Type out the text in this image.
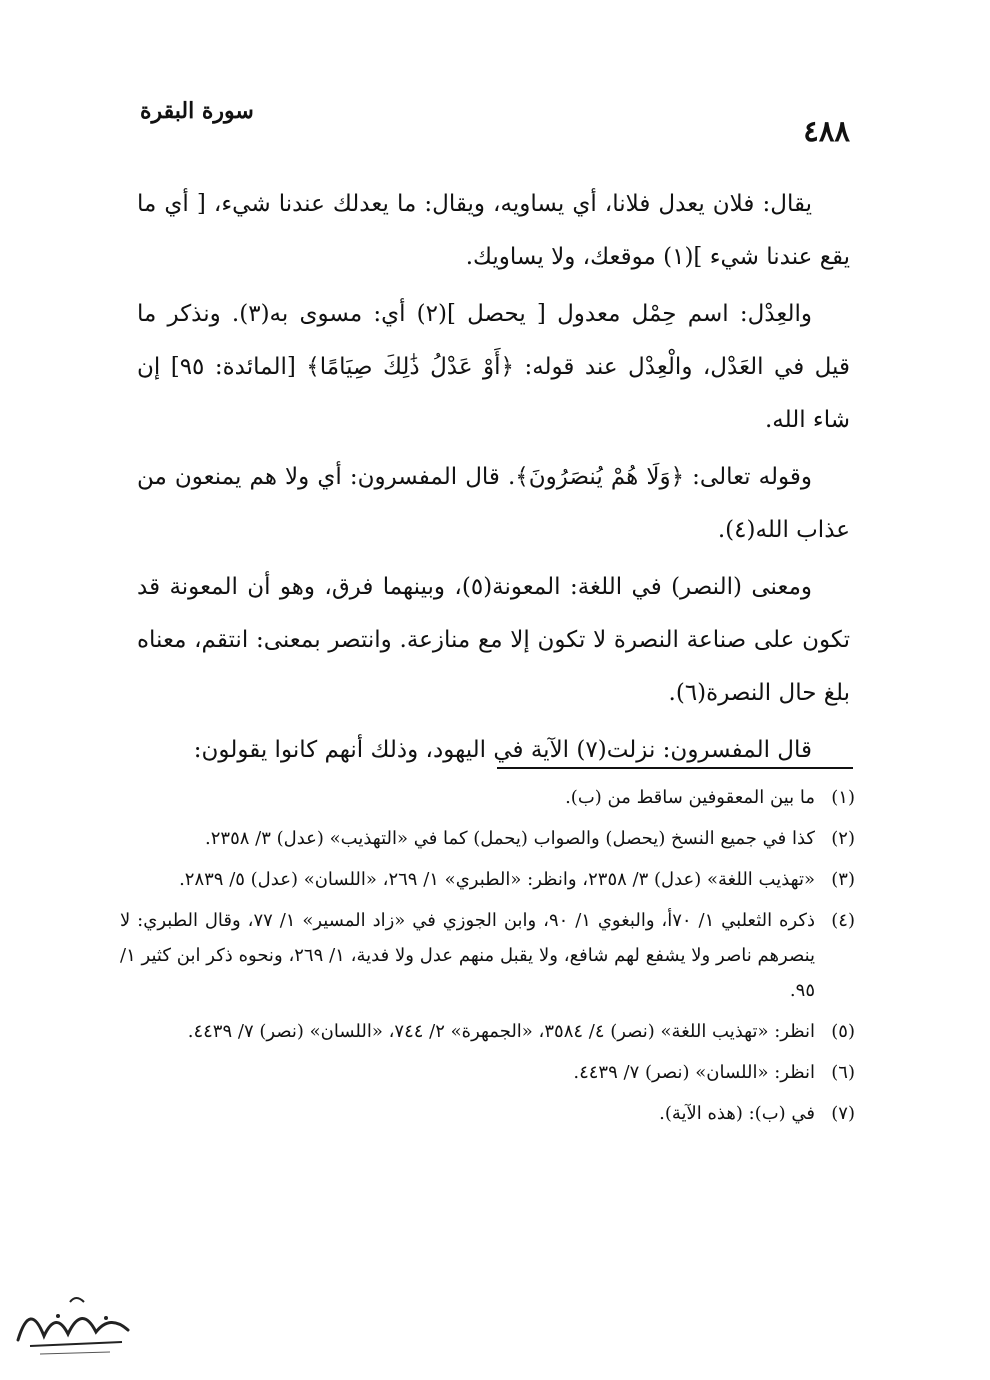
٤٨٨
سورة البقرة

يقال: فلان يعدل فلانا، أي يساويه، ويقال: ما يعدلك عندنا شيء، [ أي ما يقع عندنا شيء ](١) موقعك، ولا يساويك.

والعِدْل: اسم حِمْل معدول [ يحصل ](٢) أي: مسوى به(٣). ونذكر ما قيل في العَدْل، والْعِدْل عند قوله: ﴿أَوْ عَدْلُ ذَٰلِكَ صِيَامًا﴾ [المائدة: ٩٥] إن شاء الله.

وقوله تعالى: ﴿وَلَا هُمْ يُنصَرُونَ﴾. قال المفسرون: أي ولا هم يمنعون من عذاب الله(٤).

ومعنى (النصر) في اللغة: المعونة(٥)، وبينهما فرق، وهو أن المعونة قد تكون على صناعة النصرة لا تكون إلا مع منازعة. وانتصر بمعنى: انتقم، معناه بلغ حال النصرة(٦).

قال المفسرون: نزلت(٧) الآية في اليهود، وذلك أنهم كانوا يقولون:

(١)
ما بين المعقوفين ساقط من (ب).
(٢)
كذا في جميع النسخ (يحصل) والصواب (يحمل) كما في «التهذيب» (عدل) ٣/ ٢٣٥٨.
(٣)
«تهذيب اللغة» (عدل) ٣/ ٢٣٥٨، وانظر: «الطبري» ١/ ٢٦٩، «اللسان» (عدل) ٥/ ٢٨٣٩.
(٤)
ذكره الثعلبي ١/ ٧٠أ، والبغوي ١/ ٩٠، وابن الجوزي في «زاد المسير» ١/ ٧٧، وقال الطبري: لا ينصرهم ناصر ولا يشفع لهم شافع، ولا يقبل منهم عدل ولا فدية، ١/ ٢٦٩، ونحوه ذكر ابن كثير ١/ ٩٥.
(٥)
انظر: «تهذيب اللغة» (نصر) ٤/ ٣٥٨٤، «الجمهرة» ٢/ ٧٤٤، «اللسان» (نصر) ٧/ ٤٤٣٩.
(٦)
انظر: «اللسان» (نصر) ٧/ ٤٤٣٩.
(٧)
في (ب): (هذه الآية).
